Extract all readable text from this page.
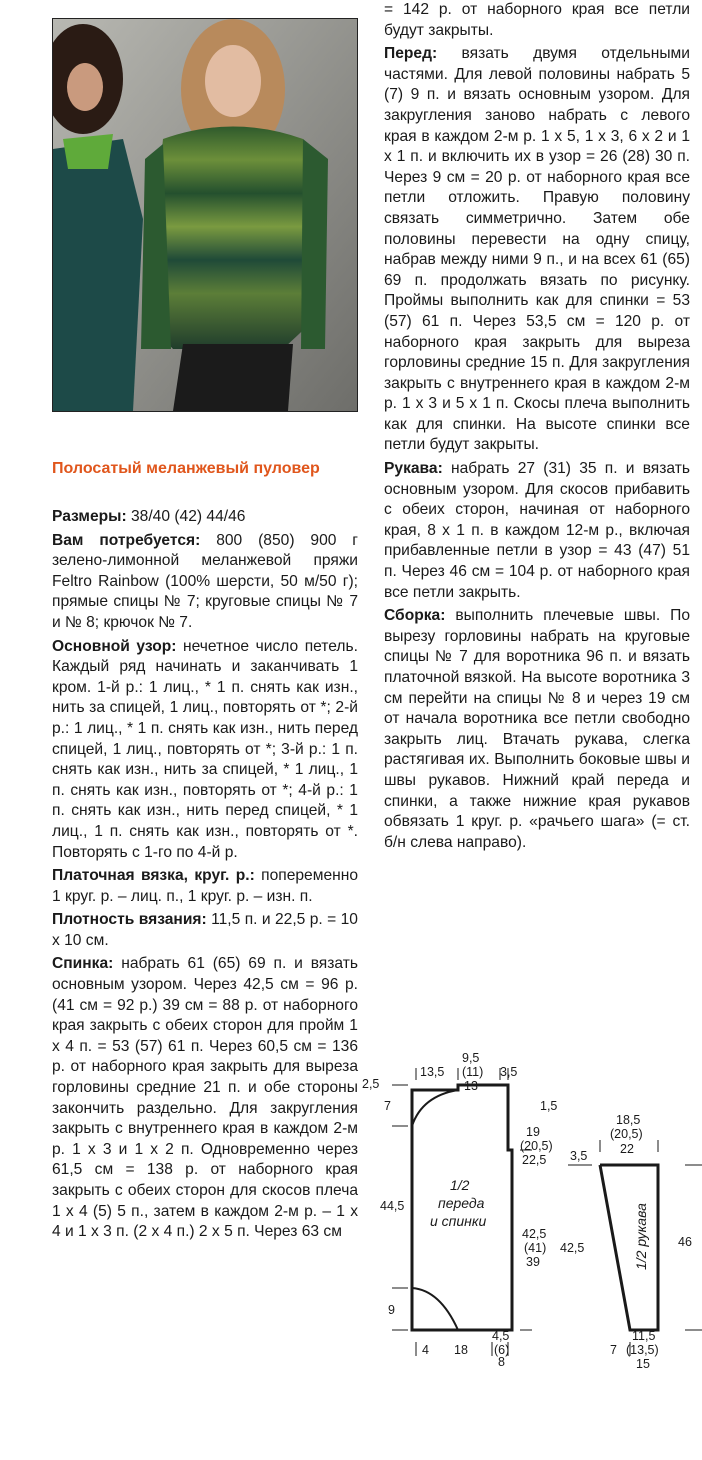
Полосатый меланжевый пуловер

Размеры: 38/40 (42) 44/46

Вам потребуется: 800 (850) 900 г зелено-лимонной меланжевой пряжи Feltro Rainbow (100% шерсти, 50 м/50 г); прямые спицы № 7; круговые спицы № 7 и № 8; крючок № 7.

Основной узор: нечетное число петель. Каждый ряд начинать и заканчивать 1 кром. 1-й р.: 1 лиц., * 1 п. снять как изн., нить за спицей, 1 лиц., повторять от *; 2-й р.: 1 лиц., * 1 п. снять как изн., нить перед спицей, 1 лиц., повторять от *; 3-й р.: 1 п. снять как изн., нить за спицей, * 1 лиц., 1 п. снять как изн., повторять от *; 4-й р.: 1 п. снять как изн., нить перед спицей, * 1 лиц., 1 п. снять как изн., повторять от *. Повторять с 1-го по 4-й р.

Платочная вязка, круг. р.: попеременно 1 круг. р. – лиц. п., 1 круг. р. – изн. п.

Плотность вязания: 11,5 п. и 22,5 р. = 10 х 10 см.

Спинка: набрать 61 (65) 69 п. и вязать основным узором. Через 42,5 см = 96 р. (41 см = 92 р.) 39 см = 88 р. от наборного края закрыть с обеих сторон для пройм 1 х 4 п. = 53 (57) 61 п. Через 60,5 см = 136 р. от наборного края закрыть для выреза горловины средние 21 п. и обе стороны закончить раздельно. Для закругления закрыть с внутреннего края в каждом 2-м р. 1 х 3 и 1 х 2 п. Одновременно через 61,5 см = 138 р. от наборного края закрыть с обеих сторон для скосов плеча 1 х 4 (5) 5 п., затем в каждом 2-м р. – 1 х 4 и 1 х 3 п. (2 х 4 п.) 2 х 5 п. Через 63 см

= 142 р. от наборного края все петли будут закрыты.

Перед: вязать двумя отдельными частями. Для левой половины набрать 5 (7) 9 п. и вязать основным узором. Для закругления заново набрать с левого края в каждом 2-м р. 1 х 5, 1 х 3, 6 х 2 и 1 х 1 п. и включить их в узор = 26 (28) 30 п. Через 9 см = 20 р. от наборного края все петли отложить. Правую половину связать симметрично. Затем обе половины перевести на одну спицу, набрав между ними 9 п., и на всех 61 (65) 69 п. продолжать вязать по рисунку. Проймы выполнить как для спинки = 53 (57) 61 п. Через 53,5 см = 120 р. от наборного края закрыть для выреза горловины средние 15 п. Для закругления закрыть с внутреннего края в каждом 2-м р. 1 х 3 и 5 х 1 п. Скосы плеча выполнить как для спинки. На высоте спинки все петли будут закрыты.

Рукава: набрать 27 (31) 35 п. и вязать основным узором. Для скосов прибавить с обеих сторон, начиная от наборного края, 8 х 1 п. в каждом 12-м р., включая прибавленные петли в узор = 43 (47) 51 п. Через 46 см = 104 р. от наборного края все петли закрыть.

Сборка: выполнить плечевые швы. По вырезу горловины набрать на круговые спицы № 7 для воротника 96 п. и вязать платочной вязкой. На высоте воротника 3 см перейти на спицы № 8 и через 19 см от начала воротника все петли свободно закрыть лиц. Втачать рукава, слегка растягивая их. Выполнить боковые швы и швы рукавов. Нижний край переда и спинки, а также нижние края рукавов обвязать 1 круг. р. «рачьего шага» (= ст. б/н слева направо).

1/2
переда
и спинки
13,5
9,5
(11)
13
3,5
2,5
7
44,5
9
1,5
19
(20,5)
22,5
42,5
(41)
39
42,5
4,5
(6)
8
4 18
1/2 рукава
18,5
(20,5)
22
3,5
46
11,5
(13,5)
15
7
